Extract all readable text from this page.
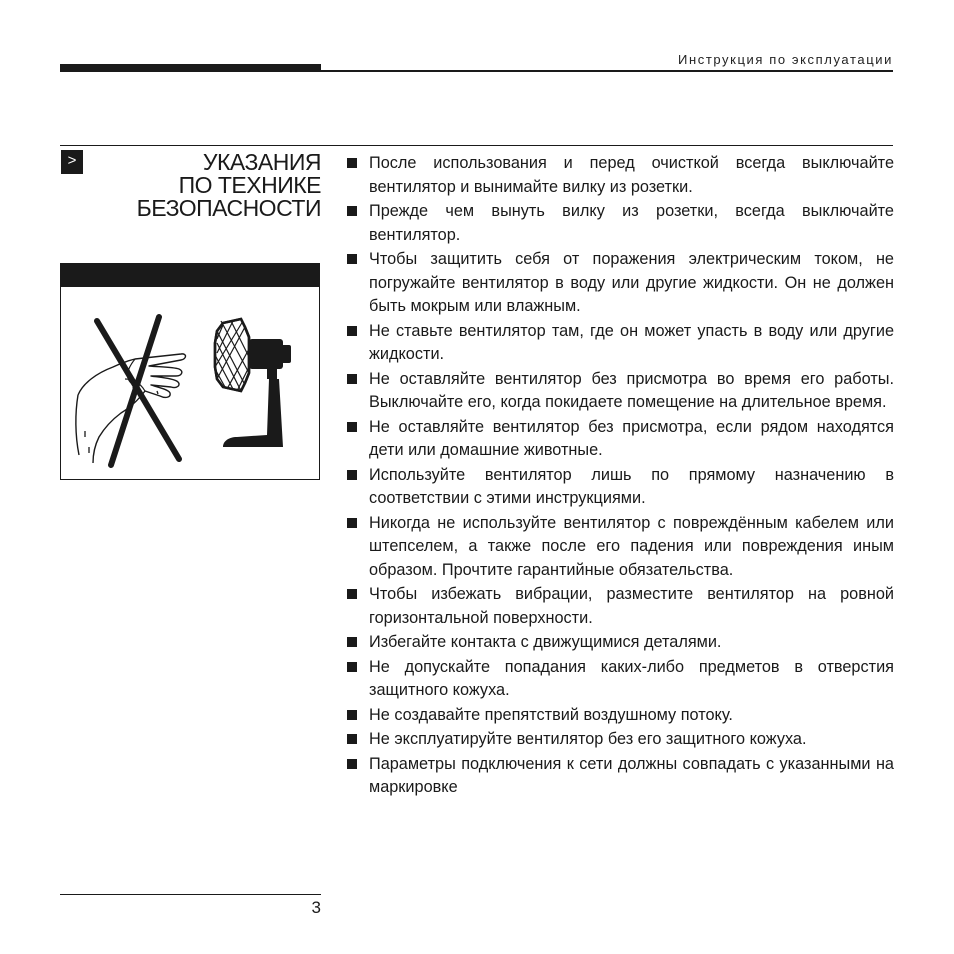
Инструкция по эксплуатации
>	УКАЗАНИЯ
ПО ТЕХНИКЕ
БЕЗОПАСНОСТИ
После использования и перед очисткой всегда выключайте вентилятор и вынимайте вилку из розетки.
Прежде чем вынуть вилку из розетки, всегда выключайте вентилятор.
Чтобы защитить себя от поражения электрическим током, не погружайте вентилятор в воду или другие жидкости. Он не должен быть мокрым или влажным.
Не ставьте вентилятор там, где он может упасть в воду или другие жидкости.
Не оставляйте вентилятор без присмотра во время его работы. Выключайте его, когда покидаете помещение на длительное время.
Не оставляйте вентилятор без присмотра, если рядом находятся дети или домашние животные.
Используйте вентилятор лишь по прямому назначению в соответствии с этими инструкциями.
Никогда не используйте вентилятор с повреждённым кабелем или штепселем, а также после его падения или повреждения иным образом. Прочтите гарантийные обязательства.
Чтобы избежать вибрации, разместите вентилятор на ровной горизонтальной поверхности.
Избегайте контакта с движущимися деталями.
Не допускайте попадания каких-либо предметов в отверстия защитного кожуха.
Не создавайте препятствий воздушному потоку.
Не эксплуатируйте вентилятор без его защитного кожуха.
Параметры подключения к сети должны совпадать с указанными на маркировке
3
